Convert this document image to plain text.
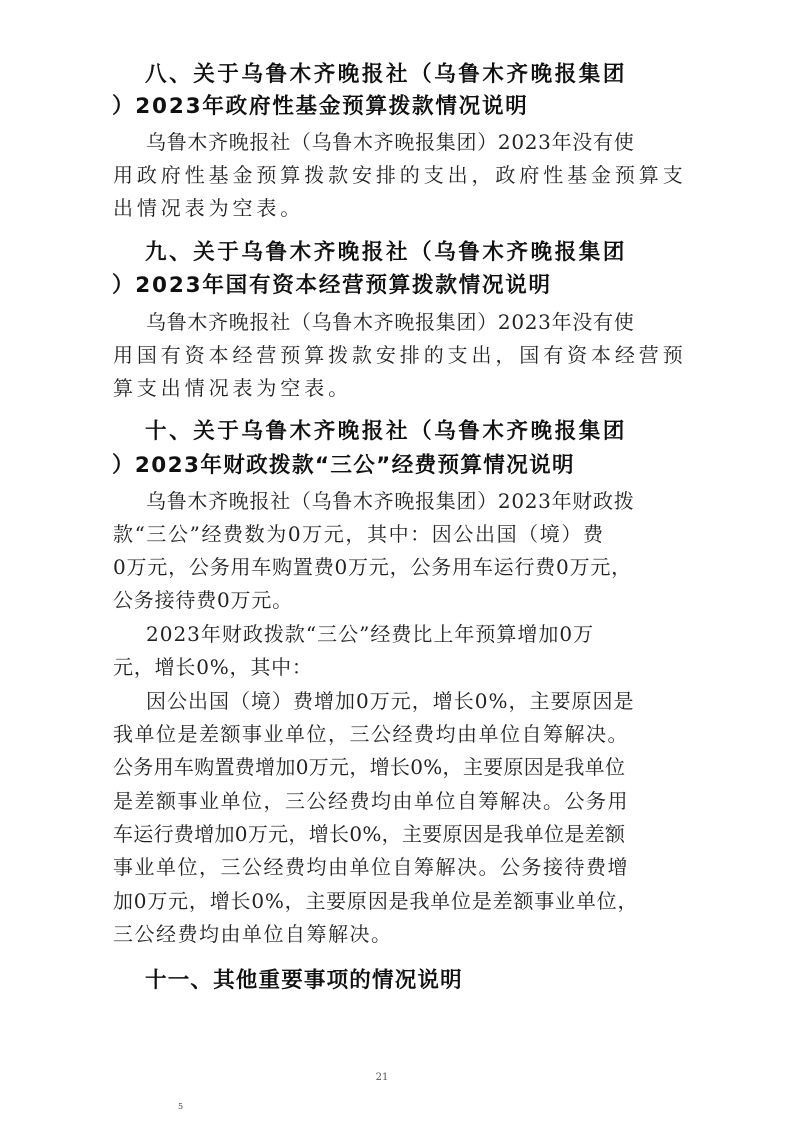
八、关于乌鲁木齐晚报社（乌鲁木齐晚报集团
）2023年政府性基金预算拨款情况说明
乌鲁木齐晚报社（乌鲁木齐晚报集团）2023年没有使
用政府性基金预算拨款安排的支出，政府性基金预算支
出情况表为空表。
九、关于乌鲁木齐晚报社（乌鲁木齐晚报集团
）2023年国有资本经营预算拨款情况说明
乌鲁木齐晚报社（乌鲁木齐晚报集团）2023年没有使
用国有资本经营预算拨款安排的支出，国有资本经营预
算支出情况表为空表。
十、关于乌鲁木齐晚报社（乌鲁木齐晚报集团
）2023年财政拨款“三公”经费预算情况说明
乌鲁木齐晚报社（乌鲁木齐晚报集团）2023年财政拨
款“三公”经费数为0万元，其中：因公出国（境）费
0万元，公务用车购置费0万元，公务用车运行费0万元，
公务接待费0万元。
2023年财政拨款“三公”经费比上年预算增加0万
元，增长0%，其中：
因公出国（境）费增加0万元，增长0%，主要原因是
我单位是差额事业单位，三公经费均由单位自筹解决。
公务用车购置费增加0万元，增长0%，主要原因是我单位
是差额事业单位，三公经费均由单位自筹解决。公务用
车运行费增加0万元，增长0%，主要原因是我单位是差额
事业单位，三公经费均由单位自筹解决。公务接待费增
加0万元，增长0%，主要原因是我单位是差额事业单位，
三公经费均由单位自筹解决。
十一、其他重要事项的情况说明
21
5
